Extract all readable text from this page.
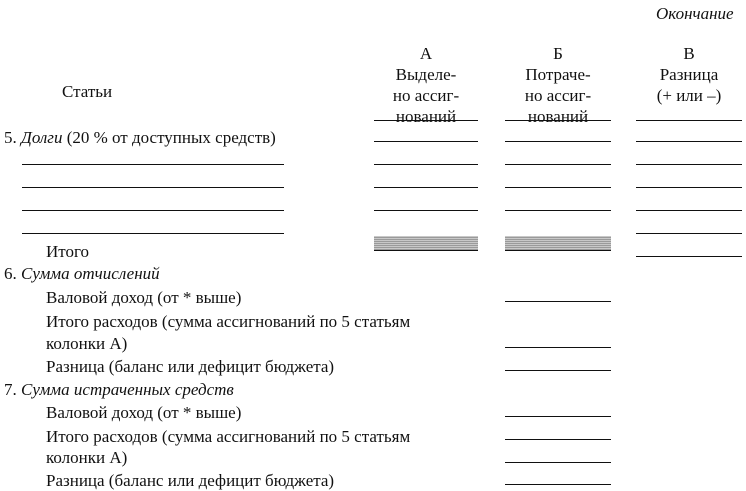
Окончание
Статьи
А
Выделе-
но ассиг-
нований
Б
Потраче-
но ассиг-
нований
В
Разница
(+ или –)
5. Долги (20 % от доступных средств)
Итого
6. Сумма отчислений
Валовой доход (от * выше)
Итого расходов (сумма ассигнований по 5 статьям
колонки А)
Разница (баланс или дефицит бюджета)
7. Сумма истраченных средств
Валовой доход (от * выше)
Итого расходов (сумма ассигнований по 5 статьям
колонки А)
Разница (баланс или дефицит бюджета)
